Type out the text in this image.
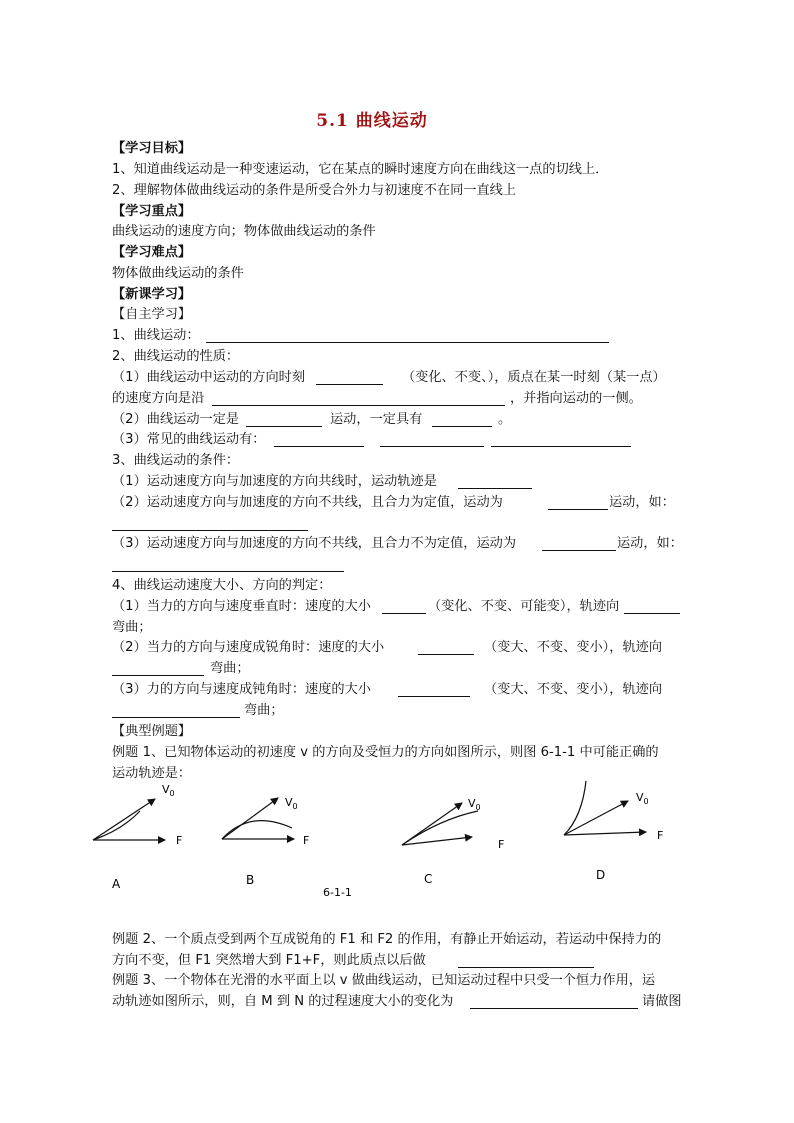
5.1 曲线运动
【学习目标】
1、知道曲线运动是一种变速运动，它在某点的瞬时速度方向在曲线这一点的切线上．
2、理解物体做曲线运动的条件是所受合外力与初速度不在同一直线上
【学习重点】
曲线运动的速度方向；物体做曲线运动的条件
【学习难点】
物体做曲线运动的条件
【新课学习】
【自主学习】
1、曲线运动：
2、曲线运动的性质：
（1）曲线运动中运动的方向时刻	（变化、不变、），质点在某一时刻（某一点）
的速度方向是沿	，并指向运动的一侧。
（2）曲线运动一定是	运动，一定具有	。
（3）常见的曲线运动有：
3、曲线运动的条件：
（1）运动速度方向与加速度的方向共线时，运动轨迹是
（2）运动速度方向与加速度的方向不共线，且合力为定值，运动为	运动，如：
（3）运动速度方向与加速度的方向不共线，且合力不为定值，运动为	运动，如：
4、曲线运动速度大小、方向的判定：
（1）当力的方向与速度垂直时：速度的大小	（变化、不变、可能变），轨迹向
弯曲；
（2）当力的方向与速度成锐角时：速度的大小	（变大、不变、变小），轨迹向
弯曲；
（3）力的方向与速度成钝角时：速度的大小	（变大、不变、变小），轨迹向
弯曲；
【典型例题】
例题 1、已知物体运动的初速度 v 的方向及受恒力的方向如图所示，则图 6-1-1 中可能正确的
运动轨迹是：
$V_0$
F
A
$V_0$
F
B
$V_0$
F
C
$V_0$
F
D
6-1-1
例题 2、一个质点受到两个互成锐角的 F1 和 F2 的作用，有静止开始运动，若运动中保持力的
方向不变，但 F1 突然增大到 F1+F，则此质点以后做
例题 3、一个物体在光滑的水平面上以 v 做曲线运动，已知运动过程中只受一个恒力作用，运
动轨迹如图所示，则，自 M 到 N 的过程速度大小的变化为	请做图
